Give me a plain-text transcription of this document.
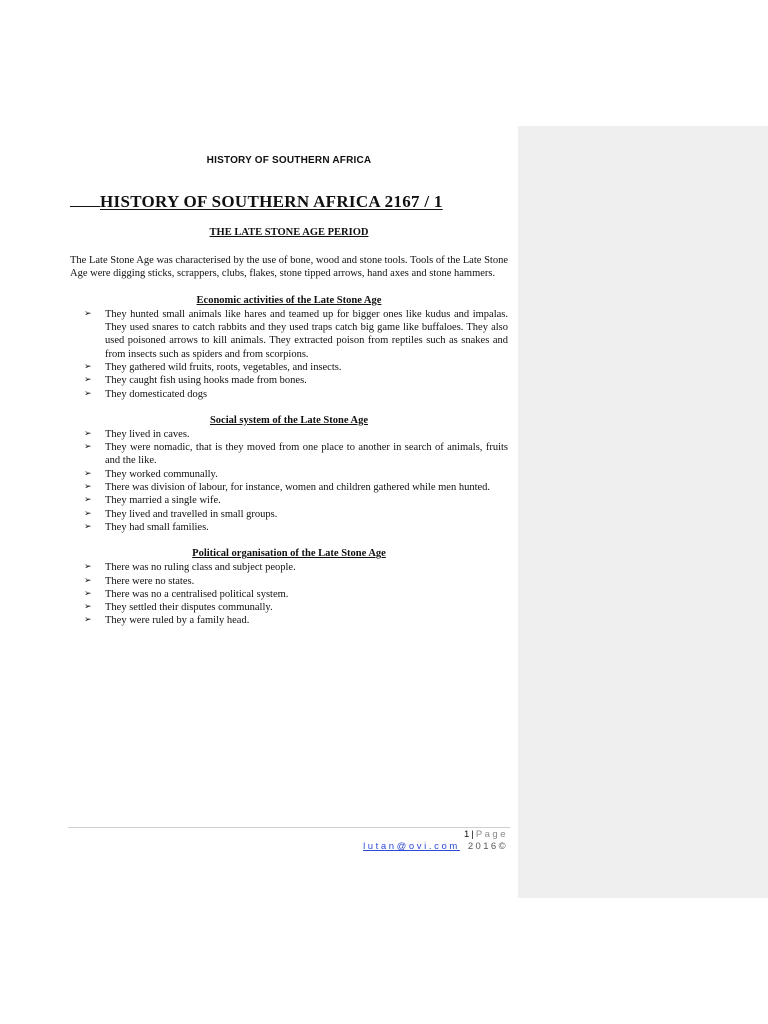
HISTORY OF SOUTHERN AFRICA

HISTORY OF SOUTHERN AFRICA 2167 / 1

THE LATE STONE AGE PERIOD

The Late Stone Age was characterised by the use of bone, wood and stone tools. Tools of the Late Stone Age were digging sticks, scrappers, clubs, flakes, stone tipped arrows, hand axes and stone hammers.

Economic activities of the Late Stone Age

➢ They hunted small animals like hares and teamed up for bigger ones like kudus and impalas. They used snares to catch rabbits and they used traps catch big game like buffaloes. They also used poisoned arrows to kill animals. They extracted poison from reptiles such as snakes and from insects such as spiders and from scorpions.
➢ They gathered wild fruits, roots, vegetables, and insects.
➢ They caught fish using hooks made from bones.
➢ They domesticated dogs

Social system of the Late Stone Age

➢ They lived in caves.
➢ They were nomadic, that is they moved from one place to another in search of animals, fruits and the like.
➢ They worked communally.
➢ There was division of labour, for instance, women and children gathered while men hunted.
➢ They married a single wife.
➢ They lived and travelled in small groups.
➢ They had small families.

Political organisation of the Late Stone Age

➢ There was no ruling class and subject people.
➢ There were no states.
➢ There was no a centralised political system.
➢ They settled their disputes communally.
➢ They were ruled by a family head.
1 | Page
lutan@ovi.com 2016©
